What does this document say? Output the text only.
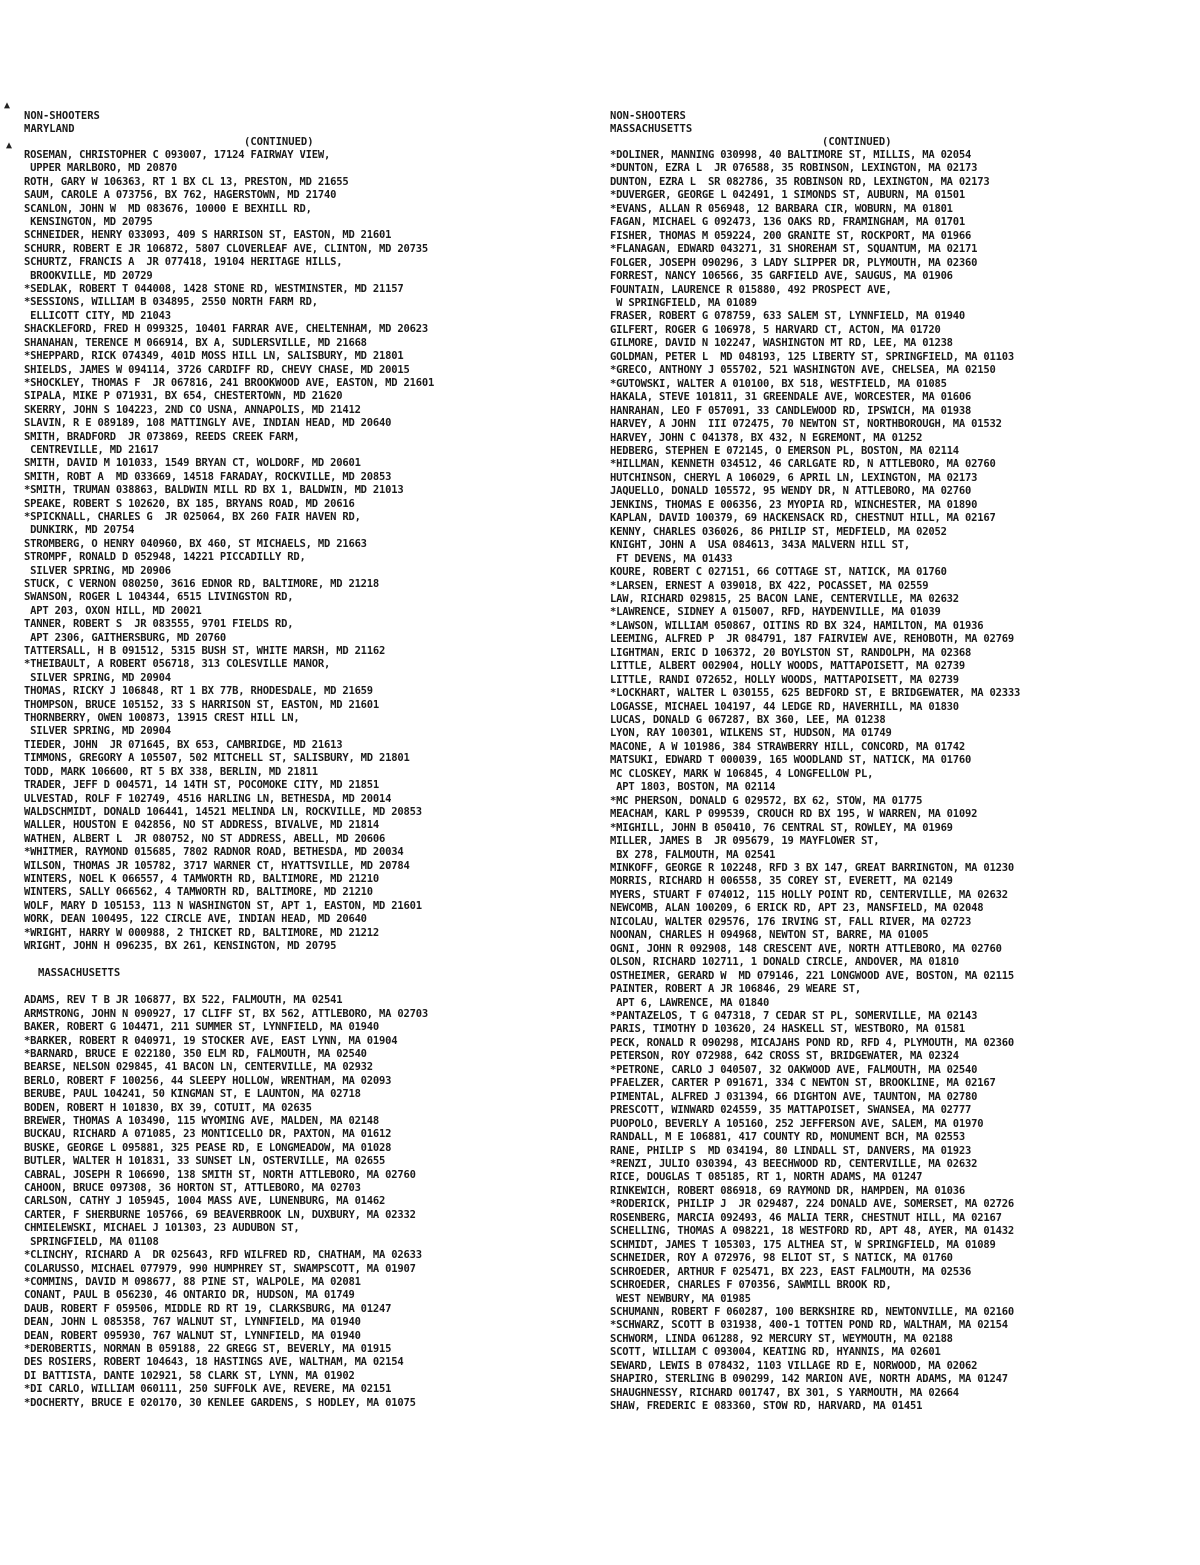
▲
▲
NON-SHOOTERS
MARYLAND
(CONTINUED)
ROSEMAN, CHRISTOPHER C 093007, 17124 FAIRWAY VIEW,
UPPER MARLBORO, MD 20870
ROTH, GARY W 106363, RT 1 BX CL 13, PRESTON, MD 21655
SAUM, CAROLE A 073756, BX 762, HAGERSTOWN, MD 21740
SCANLON, JOHN W  MD 083676, 10000 E BEXHILL RD,
KENSINGTON, MD 20795
SCHNEIDER, HENRY 033093, 409 S HARRISON ST, EASTON, MD 21601
SCHURR, ROBERT E JR 106872, 5807 CLOVERLEAF AVE, CLINTON, MD 20735
SCHURTZ, FRANCIS A  JR 077418, 19104 HERITAGE HILLS,
BROOKVILLE, MD 20729
*SEDLAK, ROBERT T 044008, 1428 STONE RD, WESTMINSTER, MD 21157
*SESSIONS, WILLIAM B 034895, 2550 NORTH FARM RD,
ELLICOTT CITY, MD 21043
SHACKLEFORD, FRED H 099325, 10401 FARRAR AVE, CHELTENHAM, MD 20623
SHANAHAN, TERENCE M 066914, BX A, SUDLERSVILLE, MD 21668
*SHEPPARD, RICK 074349, 401D MOSS HILL LN, SALISBURY, MD 21801
SHIELDS, JAMES W 094114, 3726 CARDIFF RD, CHEVY CHASE, MD 20015
*SHOCKLEY, THOMAS F  JR 067816, 241 BROOKWOOD AVE, EASTON, MD 21601
SIPALA, MIKE P 071931, BX 654, CHESTERTOWN, MD 21620
SKERRY, JOHN S 104223, 2ND CO USNA, ANNAPOLIS, MD 21412
SLAVIN, R E 089189, 108 MATTINGLY AVE, INDIAN HEAD, MD 20640
SMITH, BRADFORD  JR 073869, REEDS CREEK FARM,
CENTREVILLE, MD 21617
SMITH, DAVID M 101033, 1549 BRYAN CT, WOLDORF, MD 20601
SMITH, ROBT A  MD 033669, 14518 FARADAY, ROCKVILLE, MD 20853
*SMITH, TRUMAN 038863, BALDWIN MILL RD BX 1, BALDWIN, MD 21013
SPEAKE, ROBERT S 102620, BX 185, BRYANS ROAD, MD 20616
*SPICKNALL, CHARLES G  JR 025064, BX 260 FAIR HAVEN RD,
DUNKIRK, MD 20754
STROMBERG, O HENRY 040960, BX 460, ST MICHAELS, MD 21663
STROMPF, RONALD D 052948, 14221 PICCADILLY RD,
SILVER SPRING, MD 20906
STUCK, C VERNON 080250, 3616 EDNOR RD, BALTIMORE, MD 21218
SWANSON, ROGER L 104344, 6515 LIVINGSTON RD,
APT 203, OXON HILL, MD 20021
TANNER, ROBERT S  JR 083555, 9701 FIELDS RD,
APT 2306, GAITHERSBURG, MD 20760
TATTERSALL, H B 091512, 5315 BUSH ST, WHITE MARSH, MD 21162
*THEIBAULT, A ROBERT 056718, 313 COLESVILLE MANOR,
SILVER SPRING, MD 20904
THOMAS, RICKY J 106848, RT 1 BX 77B, RHODESDALE, MD 21659
THOMPSON, BRUCE 105152, 33 S HARRISON ST, EASTON, MD 21601
THORNBERRY, OWEN 100873, 13915 CREST HILL LN,
SILVER SPRING, MD 20904
TIEDER, JOHN  JR 071645, BX 653, CAMBRIDGE, MD 21613
TIMMONS, GREGORY A 105507, 502 MITCHELL ST, SALISBURY, MD 21801
TODD, MARK 106600, RT 5 BX 338, BERLIN, MD 21811
TRADER, JEFF D 004571, 14 14TH ST, POCOMOKE CITY, MD 21851
ULVESTAD, ROLF F 102749, 4516 HARLING LN, BETHESDA, MD 20014
WALDSCHMIDT, DONALD 106441, 14521 MELINDA LN, ROCKVILLE, MD 20853
WALLER, HOUSTON E 042856, NO ST ADDRESS, BIVALVE, MD 21814
WATHEN, ALBERT L  JR 080752, NO ST ADDRESS, ABELL, MD 20606
*WHITMER, RAYMOND 015685, 7802 RADNOR ROAD, BETHESDA, MD 20034
WILSON, THOMAS JR 105782, 3717 WARNER CT, HYATTSVILLE, MD 20784
WINTERS, NOEL K 066557, 4 TAMWORTH RD, BALTIMORE, MD 21210
WINTERS, SALLY 066562, 4 TAMWORTH RD, BALTIMORE, MD 21210
WOLF, MARY D 105153, 113 N WASHINGTON ST, APT 1, EASTON, MD 21601
WORK, DEAN 100495, 122 CIRCLE AVE, INDIAN HEAD, MD 20640
*WRIGHT, HARRY W 000988, 2 THICKET RD, BALTIMORE, MD 21212
WRIGHT, JOHN H 096235, BX 261, KENSINGTON, MD 20795
MASSACHUSETTS
ADAMS, REV T B JR 106877, BX 522, FALMOUTH, MA 02541
ARMSTRONG, JOHN N 090927, 17 CLIFF ST, BX 562, ATTLEBORO, MA 02703
BAKER, ROBERT G 104471, 211 SUMMER ST, LYNNFIELD, MA 01940
*BARKER, ROBERT R 040971, 19 STOCKER AVE, EAST LYNN, MA 01904
*BARNARD, BRUCE E 022180, 350 ELM RD, FALMOUTH, MA 02540
BEARSE, NELSON 029845, 41 BACON LN, CENTERVILLE, MA 02932
BERLO, ROBERT F 100256, 44 SLEEPY HOLLOW, WRENTHAM, MA 02093
BERUBE, PAUL 104241, 50 KINGMAN ST, E LAUNTON, MA 02718
BODEN, ROBERT H 101830, BX 39, COTUIT, MA 02635
BREWER, THOMAS A 103490, 115 WYOMING AVE, MALDEN, MA 02148
BUCKAU, RICHARD A 071085, 23 MONTICELLO DR, PAXTON, MA 01612
BUSKE, GEORGE L 095881, 325 PEASE RD, E LONGMEADOW, MA 01028
BUTLER, WALTER H 101831, 33 SUNSET LN, OSTERVILLE, MA 02655
CABRAL, JOSEPH R 106690, 138 SMITH ST, NORTH ATTLEBORO, MA 02760
CAHOON, BRUCE 097308, 36 HORTON ST, ATTLEBORO, MA 02703
CARLSON, CATHY J 105945, 1004 MASS AVE, LUNENBURG, MA 01462
CARTER, F SHERBURNE 105766, 69 BEAVERBROOK LN, DUXBURY, MA 02332
CHMIELEWSKI, MICHAEL J 101303, 23 AUDUBON ST,
SPRINGFIELD, MA 01108
*CLINCHY, RICHARD A  DR 025643, RFD WILFRED RD, CHATHAM, MA 02633
COLARUSSO, MICHAEL 077979, 990 HUMPHREY ST, SWAMPSCOTT, MA 01907
*COMMINS, DAVID M 098677, 88 PINE ST, WALPOLE, MA 02081
CONANT, PAUL B 056230, 46 ONTARIO DR, HUDSON, MA 01749
DAUB, ROBERT F 059506, MIDDLE RD RT 19, CLARKSBURG, MA 01247
DEAN, JOHN L 085358, 767 WALNUT ST, LYNNFIELD, MA 01940
DEAN, ROBERT 095930, 767 WALNUT ST, LYNNFIELD, MA 01940
*DEROBERTIS, NORMAN B 059188, 22 GREGG ST, BEVERLY, MA 01915
DES ROSIERS, ROBERT 104643, 18 HASTINGS AVE, WALTHAM, MA 02154
DI BATTISTA, DANTE 102921, 58 CLARK ST, LYNN, MA 01902
*DI CARLO, WILLIAM 060111, 250 SUFFOLK AVE, REVERE, MA 02151
*DOCHERTY, BRUCE E 020170, 30 KENLEE GARDENS, S HODLEY, MA 01075
NON-SHOOTERS
MASSACHUSETTS
(CONTINUED)
*DOLINER, MANNING 030998, 40 BALTIMORE ST, MILLIS, MA 02054
*DUNTON, EZRA L  JR 076588, 35 ROBINSON, LEXINGTON, MA 02173
DUNTON, EZRA L  SR 082786, 35 ROBINSON RD, LEXINGTON, MA 02173
*DUVERGER, GEORGE L 042491, 1 SIMONDS ST, AUBURN, MA 01501
*EVANS, ALLAN R 056948, 12 BARBARA CIR, WOBURN, MA 01801
FAGAN, MICHAEL G 092473, 136 OAKS RD, FRAMINGHAM, MA 01701
FISHER, THOMAS M 059224, 200 GRANITE ST, ROCKPORT, MA 01966
*FLANAGAN, EDWARD 043271, 31 SHOREHAM ST, SQUANTUM, MA 02171
FOLGER, JOSEPH 090296, 3 LADY SLIPPER DR, PLYMOUTH, MA 02360
FORREST, NANCY 106566, 35 GARFIELD AVE, SAUGUS, MA 01906
FOUNTAIN, LAURENCE R 015880, 492 PROSPECT AVE,
W SPRINGFIELD, MA 01089
FRASER, ROBERT G 078759, 633 SALEM ST, LYNNFIELD, MA 01940
GILFERT, ROGER G 106978, 5 HARVARD CT, ACTON, MA 01720
GILMORE, DAVID N 102247, WASHINGTON MT RD, LEE, MA 01238
GOLDMAN, PETER L  MD 048193, 125 LIBERTY ST, SPRINGFIELD, MA 01103
*GRECO, ANTHONY J 055702, 521 WASHINGTON AVE, CHELSEA, MA 02150
*GUTOWSKI, WALTER A 010100, BX 518, WESTFIELD, MA 01085
HAKALA, STEVE 101811, 31 GREENDALE AVE, WORCESTER, MA 01606
HANRAHAN, LEO F 057091, 33 CANDLEWOOD RD, IPSWICH, MA 01938
HARVEY, A JOHN  III 072475, 70 NEWTON ST, NORTHBOROUGH, MA 01532
HARVEY, JOHN C 041378, BX 432, N EGREMONT, MA 01252
HEDBERG, STEPHEN E 072145, O EMERSON PL, BOSTON, MA 02114
*HILLMAN, KENNETH 034512, 46 CARLGATE RD, N ATTLEBORO, MA 02760
HUTCHINSON, CHERYL A 106029, 6 APRIL LN, LEXINGTON, MA 02173
JAQUELLO, DONALD 105572, 95 WENDY DR, N ATTLEBORO, MA 02760
JENKINS, THOMAS E 006356, 23 MYOPIA RD, WINCHESTER, MA 01890
KAPLAN, DAVID 100379, 69 HACKENSACK RD, CHESTNUT HILL, MA 02167
KENNY, CHARLES 036026, 86 PHILIP ST, MEDFIELD, MA 02052
KNIGHT, JOHN A  USA 084613, 343A MALVERN HILL ST,
FT DEVENS, MA 01433
KOURE, ROBERT C 027151, 66 COTTAGE ST, NATICK, MA 01760
*LARSEN, ERNEST A 039018, BX 422, POCASSET, MA 02559
LAW, RICHARD 029815, 25 BACON LANE, CENTERVILLE, MA 02632
*LAWRENCE, SIDNEY A 015007, RFD, HAYDENVILLE, MA 01039
*LAWSON, WILLIAM 050867, OITINS RD BX 324, HAMILTON, MA 01936
LEEMING, ALFRED P  JR 084791, 187 FAIRVIEW AVE, REHOBOTH, MA 02769
LIGHTMAN, ERIC D 106372, 20 BOYLSTON ST, RANDOLPH, MA 02368
LITTLE, ALBERT 002904, HOLLY WOODS, MATTAPOISETT, MA 02739
LITTLE, RANDI 072652, HOLLY WOODS, MATTAPOISETT, MA 02739
*LOCKHART, WALTER L 030155, 625 BEDFORD ST, E BRIDGEWATER, MA 02333
LOGASSE, MICHAEL 104197, 44 LEDGE RD, HAVERHILL, MA 01830
LUCAS, DONALD G 067287, BX 360, LEE, MA 01238
LYON, RAY 100301, WILKENS ST, HUDSON, MA 01749
MACONE, A W 101986, 384 STRAWBERRY HILL, CONCORD, MA 01742
MATSUKI, EDWARD T 000039, 165 WOODLAND ST, NATICK, MA 01760
MC CLOSKEY, MARK W 106845, 4 LONGFELLOW PL,
APT 1803, BOSTON, MA 02114
*MC PHERSON, DONALD G 029572, BX 62, STOW, MA 01775
MEACHAM, KARL P 099539, CROUCH RD BX 195, W WARREN, MA 01092
*MIGHILL, JOHN B 050410, 76 CENTRAL ST, ROWLEY, MA 01969
MILLER, JAMES B  JR 095679, 19 MAYFLOWER ST,
BX 278, FALMOUTH, MA 02541
MINKOFF, GEORGE R 102248, RFD 3 BX 147, GREAT BARRINGTON, MA 01230
MORRIS, RICHARD H 006558, 35 COREY ST, EVERETT, MA 02149
MYERS, STUART F 074012, 115 HOLLY POINT RD, CENTERVILLE, MA 02632
NEWCOMB, ALAN 100209, 6 ERICK RD, APT 23, MANSFIELD, MA 02048
NICOLAU, WALTER 029576, 176 IRVING ST, FALL RIVER, MA 02723
NOONAN, CHARLES H 094968, NEWTON ST, BARRE, MA 01005
OGNI, JOHN R 092908, 148 CRESCENT AVE, NORTH ATTLEBORO, MA 02760
OLSON, RICHARD 102711, 1 DONALD CIRCLE, ANDOVER, MA 01810
OSTHEIMER, GERARD W  MD 079146, 221 LONGWOOD AVE, BOSTON, MA 02115
PAINTER, ROBERT A JR 106846, 29 WEARE ST,
APT 6, LAWRENCE, MA 01840
*PANTAZELOS, T G 047318, 7 CEDAR ST PL, SOMERVILLE, MA 02143
PARIS, TIMOTHY D 103620, 24 HASKELL ST, WESTBORO, MA 01581
PECK, RONALD R 090298, MICAJAHS POND RD, RFD 4, PLYMOUTH, MA 02360
PETERSON, ROY 072988, 642 CROSS ST, BRIDGEWATER, MA 02324
*PETRONE, CARLO J 040507, 32 OAKWOOD AVE, FALMOUTH, MA 02540
PFAELZER, CARTER P 091671, 334 C NEWTON ST, BROOKLINE, MA 02167
PIMENTAL, ALFRED J 031394, 66 DIGHTON AVE, TAUNTON, MA 02780
PRESCOTT, WINWARD 024559, 35 MATTAPOISET, SWANSEA, MA 02777
PUOPOLO, BEVERLY A 105160, 252 JEFFERSON AVE, SALEM, MA 01970
RANDALL, M E 106881, 417 COUNTY RD, MONUMENT BCH, MA 02553
RANE, PHILIP S  MD 034194, 80 LINDALL ST, DANVERS, MA 01923
*RENZI, JULIO 030394, 43 BEECHWOOD RD, CENTERVILLE, MA 02632
RICE, DOUGLAS T 085185, RT 1, NORTH ADAMS, MA 01247
RINKEWICH, ROBERT 086918, 69 RAYMOND DR, HAMPDEN, MA 01036
*RODERICK, PHILIP J  JR 029487, 224 DONALD AVE, SOMERSET, MA 02726
ROSENBERG, MARCIA 092493, 46 MALIA TERR, CHESTNUT HILL, MA 02167
SCHELLING, THOMAS A 098221, 18 WESTFORD RD, APT 48, AYER, MA 01432
SCHMIDT, JAMES T 105303, 175 ALTHEA ST, W SPRINGFIELD, MA 01089
SCHNEIDER, ROY A 072976, 98 ELIOT ST, S NATICK, MA 01760
SCHROEDER, ARTHUR F 025471, BX 223, EAST FALMOUTH, MA 02536
SCHROEDER, CHARLES F 070356, SAWMILL BROOK RD,
WEST NEWBURY, MA 01985
SCHUMANN, ROBERT F 060287, 100 BERKSHIRE RD, NEWTONVILLE, MA 02160
*SCHWARZ, SCOTT B 031938, 400-1 TOTTEN POND RD, WALTHAM, MA 02154
SCHWORM, LINDA 061288, 92 MERCURY ST, WEYMOUTH, MA 02188
SCOTT, WILLIAM C 093004, KEATING RD, HYANNIS, MA 02601
SEWARD, LEWIS B 078432, 1103 VILLAGE RD E, NORWOOD, MA 02062
SHAPIRO, STERLING B 090299, 142 MARION AVE, NORTH ADAMS, MA 01247
SHAUGHNESSY, RICHARD 001747, BX 301, S YARMOUTH, MA 02664
SHAW, FREDERIC E 083360, STOW RD, HARVARD, MA 01451
